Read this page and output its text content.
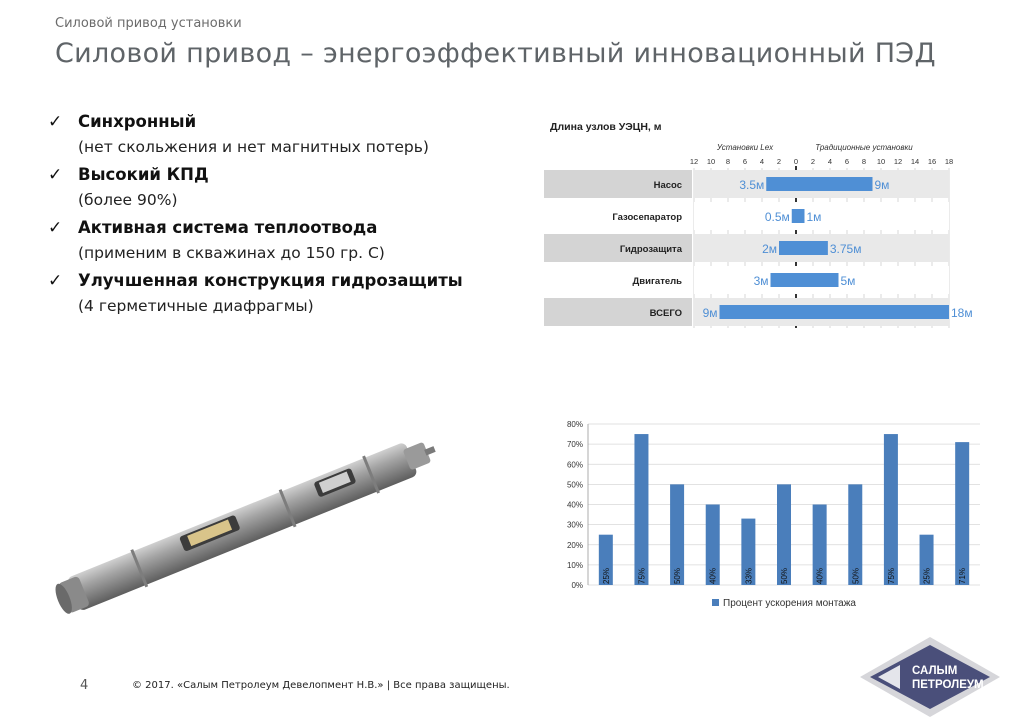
Силовой привод установки
Силовой привод – энергоэффективный инновационный ПЭД
✓ Синхронный
(нет скольжения и нет магнитных потерь)
✓ Высокий КПД
(более 90%)
✓ Активная система теплоотвода
(применим в скважинах до 150 гр. С)
✓ Улучшенная конструкция гидрозащиты
(4 герметичные диафрагмы)
Длина узлов УЭЦН, м
Установки Lex	Традиционные установки
12 10 8 6 4 2 0 2 4 6 8 10 12 14 16 18
Насос
Газосепаратор
Гидрозащита
Двигатель
ВСЕГО
3.5м	9м
0.5м 1м
2м	3.75м
3м	5м
9м	18м
0%
10%
20%
30%
40%
50%
60%
70%
80%
25%	75%	50%	40%	33%	50%	40%	50%	75%	25%	71%
Процент ускорения монтажа
4	© 2017. «Салым Петролеум Девелопмент Н.В.» | Все права защищены.
САЛЫМ
ПЕТРОЛЕУМ
